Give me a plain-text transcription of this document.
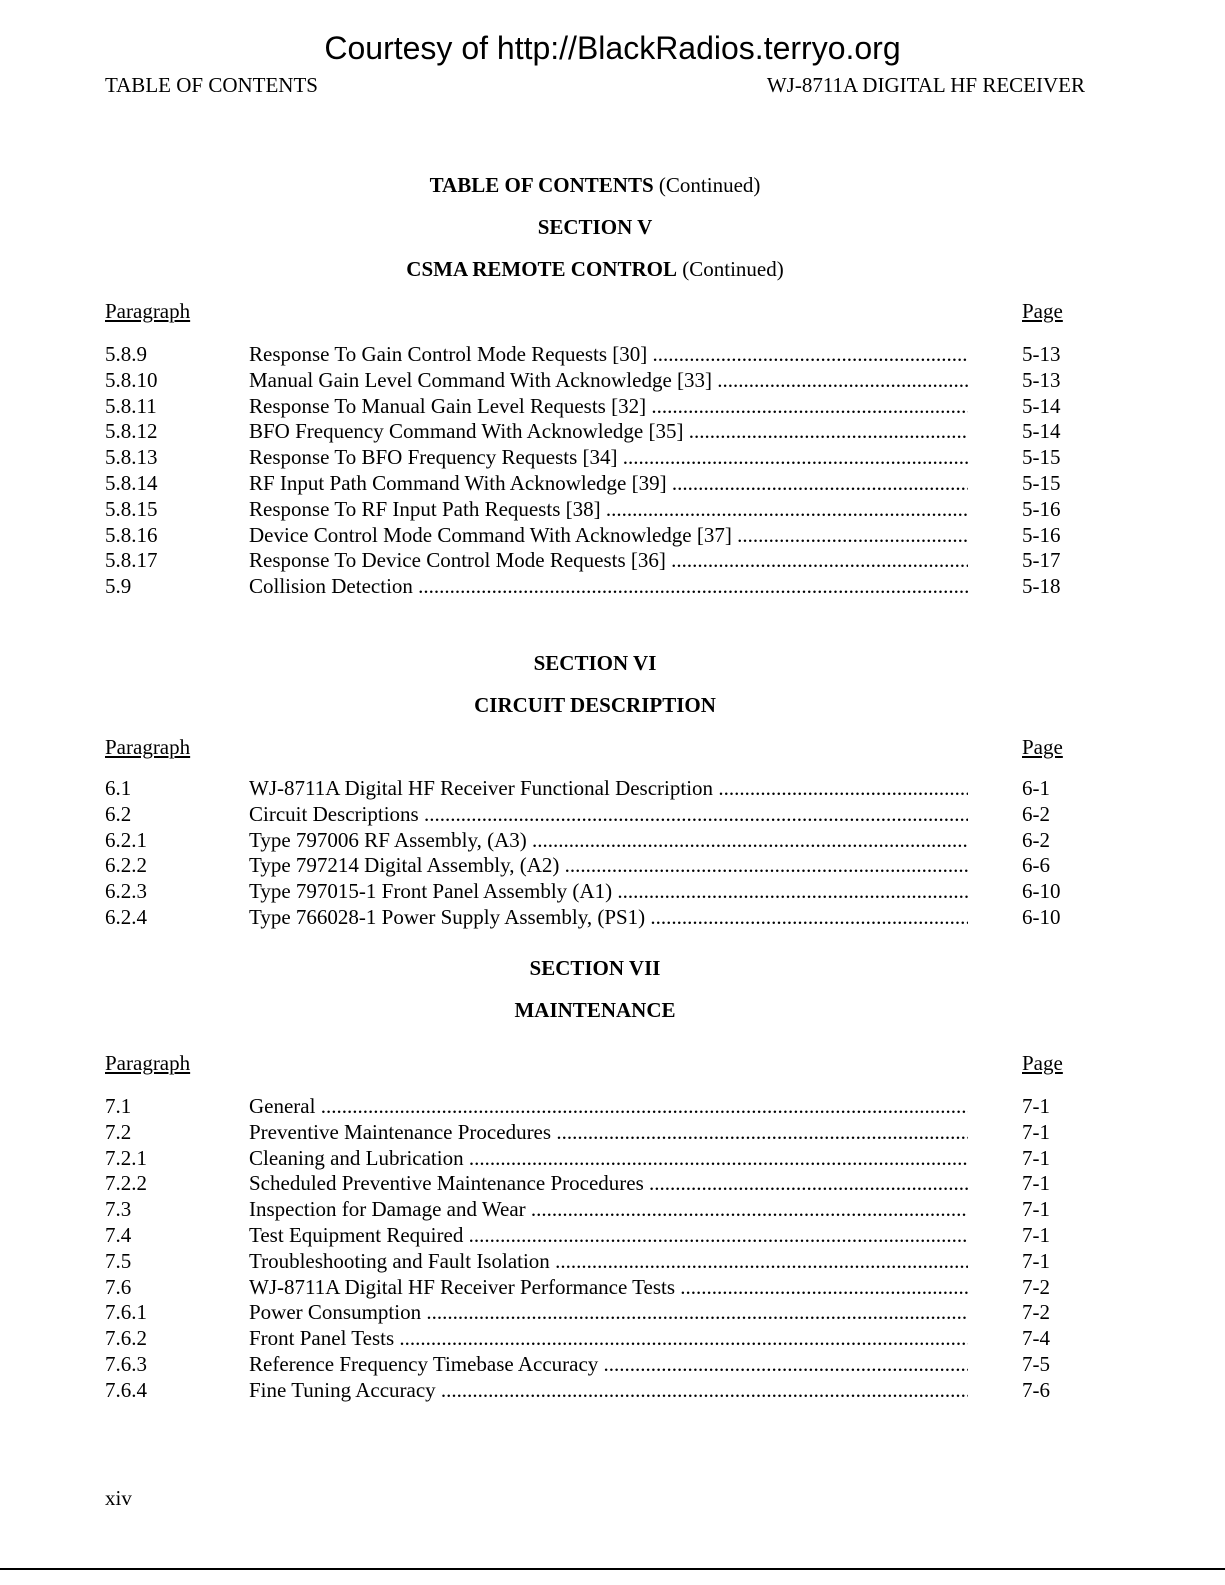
Courtesy of http://BlackRadios.terryo.org
TABLE OF CONTENTS	WJ-8711A DIGITAL HF RECEIVER
TABLE OF CONTENTS (Continued)
SECTION V
CSMA REMOTE CONTROL (Continued)
Paragraph	Page
5.8.9	Response To Gain Control Mode Requests [30] .....	5-13
5.8.10	Manual Gain Level Command With Acknowledge [33] .....	5-13
5.8.11	Response To Manual Gain Level Requests [32] .....	5-14
5.8.12	BFO Frequency Command With Acknowledge [35] .....	5-14
5.8.13	Response To BFO Frequency Requests [34] .....	5-15
5.8.14	RF Input Path Command With Acknowledge [39] .....	5-15
5.8.15	Response To RF Input Path Requests [38] .....	5-16
5.8.16	Device Control Mode Command With Acknowledge [37] .....	5-16
5.8.17	Response To Device Control Mode Requests [36] .....	5-17
5.9	Collision Detection .....	5-18
SECTION VI
CIRCUIT DESCRIPTION
Paragraph	Page
6.1	WJ-8711A Digital HF Receiver Functional Description .....	6-1
6.2	Circuit Descriptions .....	6-2
6.2.1	Type 797006 RF Assembly, (A3) .....	6-2
6.2.2	Type 797214 Digital Assembly, (A2) .....	6-6
6.2.3	Type 797015-1 Front Panel Assembly (A1) .....	6-10
6.2.4	Type 766028-1 Power Supply Assembly, (PS1) .....	6-10
SECTION VII
MAINTENANCE
Paragraph	Page
7.1	General .....	7-1
7.2	Preventive Maintenance Procedures .....	7-1
7.2.1	Cleaning and Lubrication .....	7-1
7.2.2	Scheduled Preventive Maintenance Procedures .....	7-1
7.3	Inspection for Damage and Wear .....	7-1
7.4	Test Equipment Required .....	7-1
7.5	Troubleshooting and Fault Isolation .....	7-1
7.6	WJ-8711A Digital HF Receiver Performance Tests .....	7-2
7.6.1	Power Consumption .....	7-2
7.6.2	Front Panel Tests .....	7-4
7.6.3	Reference Frequency Timebase Accuracy .....	7-5
7.6.4	Fine Tuning Accuracy .....	7-6
xiv
